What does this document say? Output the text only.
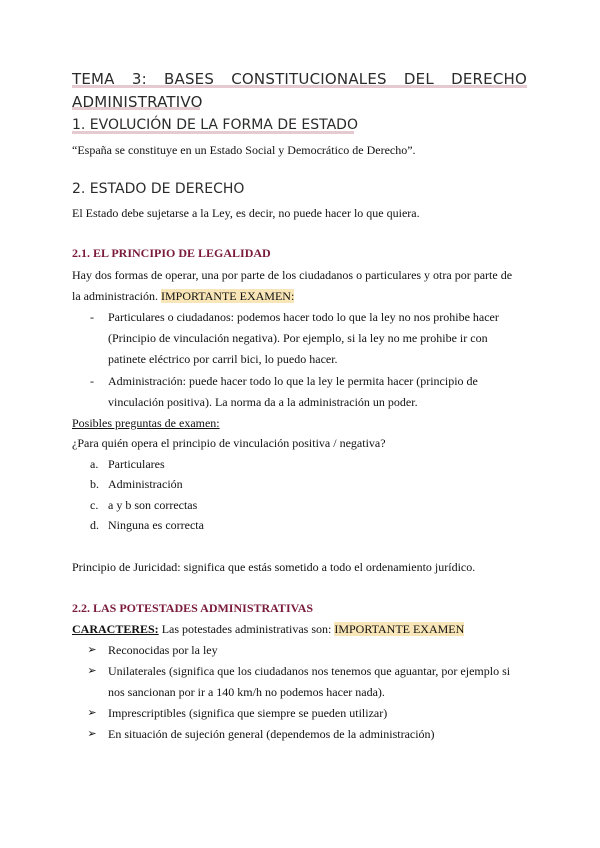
TEMA 3: BASES CONSTITUCIONALES DEL DERECHO
ADMINISTRATIVO
1. EVOLUCIÓN DE LA FORMA DE ESTADO
“España se constituye en un Estado Social y Democrático de Derecho”.
2. ESTADO DE DERECHO
El Estado debe sujetarse a la Ley, es decir, no puede hacer lo que quiera.
2.1. EL PRINCIPIO DE LEGALIDAD
Hay dos formas de operar, una por parte de los ciudadanos o particulares y otra por parte de
la administración. IMPORTANTE EXAMEN:
-	Particulares o ciudadanos: podemos hacer todo lo que la ley no nos prohibe hacer
(Principio de vinculación negativa). Por ejemplo, si la ley no me prohibe ir con
patinete eléctrico por carril bici, lo puedo hacer.
-	Administración: puede hacer todo lo que la ley le permita hacer (principio de
vinculación positiva). La norma da a la administración un poder.
Posibles preguntas de examen:
¿Para quién opera el principio de vinculación positiva / negativa?
a. Particulares
b. Administración
c. a y b son correctas
d. Ninguna es correcta
Principio de Juricidad: significa que estás sometido a todo el ordenamiento jurídico.
2.2. LAS POTESTADES ADMINISTRATIVAS
CARACTERES: Las potestades administrativas son: IMPORTANTE EXAMEN
➢ Reconocidas por la ley
➢ Unilaterales (significa que los ciudadanos nos tenemos que aguantar, por ejemplo si
nos sancionan por ir a 140 km/h no podemos hacer nada).
➢ Imprescriptibles (significa que siempre se pueden utilizar)
➢ En situación de sujeción general (dependemos de la administración)
